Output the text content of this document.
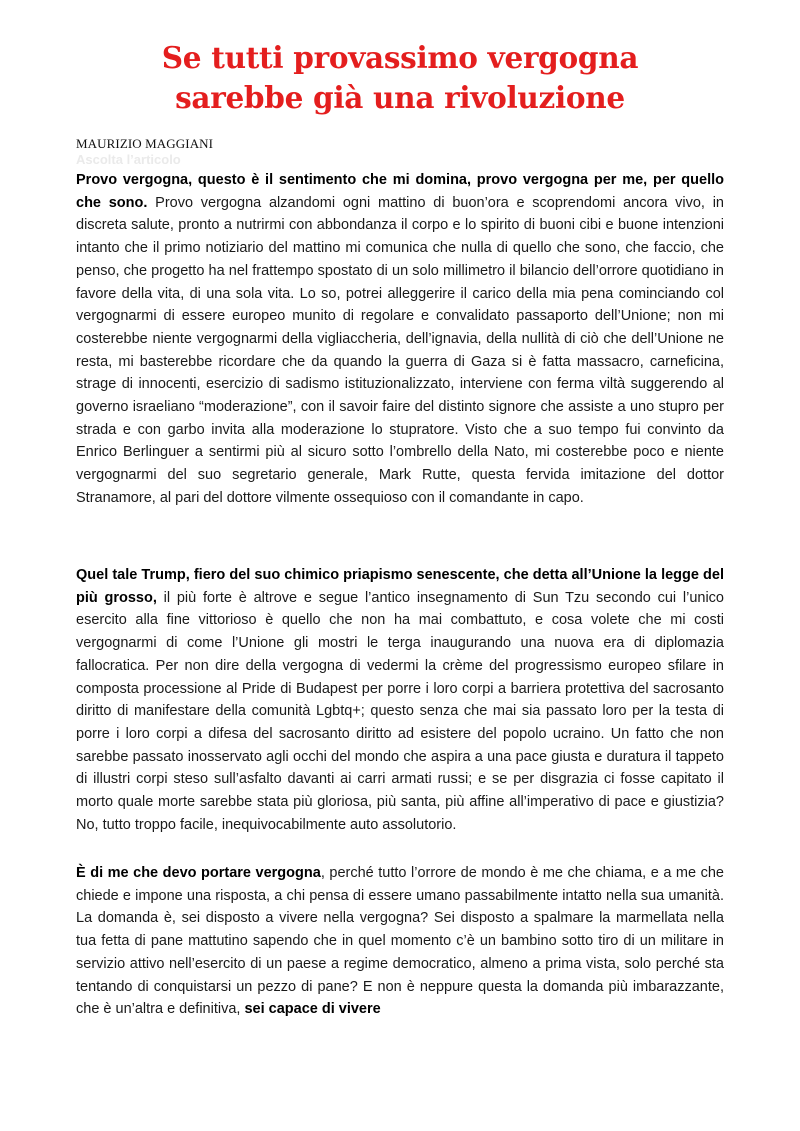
Se tutti provassimo vergogna
sarebbe già una rivoluzione
MAURIZIO MAGGIANI
Ascolta l’articolo
Provo vergogna, questo è il sentimento che mi domina, provo vergogna per me, per quello che sono. Provo vergogna alzandomi ogni mattino di buon’ora e scoprendomi ancora vivo, in discreta salute, pronto a nutrirmi con abbondanza il corpo e lo spirito di buoni cibi e buone intenzioni intanto che il primo notiziario del mattino mi comunica che nulla di quello che sono, che faccio, che penso, che progetto ha nel frattempo spostato di un solo millimetro il bilancio dell’orrore quotidiano in favore della vita, di una sola vita. Lo so, potrei alleggerire il carico della mia pena cominciando col vergognarmi di essere europeo munito di regolare e convalidato passaporto dell’Unione; non mi costerebbe niente vergognarmi della vigliaccheria, dell’ignavia, della nullità di ciò che dell’Unione ne resta, mi basterebbe ricordare che da quando la guerra di Gaza si è fatta massacro, carneficina, strage di innocenti, esercizio di sadismo istituzionalizzato, interviene con ferma viltà suggerendo al governo israeliano “moderazione”, con il savoir faire del distinto signore che assiste a uno stupro per strada e con garbo invita alla moderazione lo stupratore. Visto che a suo tempo fui convinto da Enrico Berlinguer a sentirmi più al sicuro sotto l’ombrello della Nato, mi costerebbe poco e niente vergognarmi del suo segretario generale, Mark Rutte, questa fervida imitazione del dottor Stranamore, al pari del dottore vilmente ossequioso con il comandante in capo.
Quel tale Trump, fiero del suo chimico priapismo senescente, che detta all’Unione la legge del più grosso, il più forte è altrove e segue l’antico insegnamento di Sun Tzu secondo cui l’unico esercito alla fine vittorioso è quello che non ha mai combattuto, e cosa volete che mi costi vergognarmi di come l’Unione gli mostri le terga inaugurando una nuova era di diplomazia fallocratica. Per non dire della vergogna di vedermi la crème del progressismo europeo sfilare in composta processione al Pride di Budapest per porre i loro corpi a barriera protettiva del sacrosanto diritto di manifestare della comunità Lgbtq+; questo senza che mai sia passato loro per la testa di porre i loro corpi a difesa del sacrosanto diritto ad esistere del popolo ucraino. Un fatto che non sarebbe passato inosservato agli occhi del mondo che aspira a una pace giusta e duratura il tappeto di illustri corpi steso sull’asfalto davanti ai carri armati russi; e se per disgrazia ci fosse capitato il morto quale morte sarebbe stata più gloriosa, più santa, più affine all’imperativo di pace e giustizia? No, tutto troppo facile, inequivocabilmente auto assolutorio.
È di me che devo portare vergogna, perché tutto l’orrore de mondo è me che chiama, e a me che chiede e impone una risposta, a chi pensa di essere umano passabilmente intatto nella sua umanità. La domanda è, sei disposto a vivere nella vergogna? Sei disposto a spalmare la marmellata nella tua fetta di pane mattutino sapendo che in quel momento c’è un bambino sotto tiro di un militare in servizio attivo nell’esercito di un paese a regime democratico, almeno a prima vista, solo perché sta tentando di conquistarsi un pezzo di pane? E non è neppure questa la domanda più imbarazzante, che è un’altra e definitiva, sei capace di vivere
